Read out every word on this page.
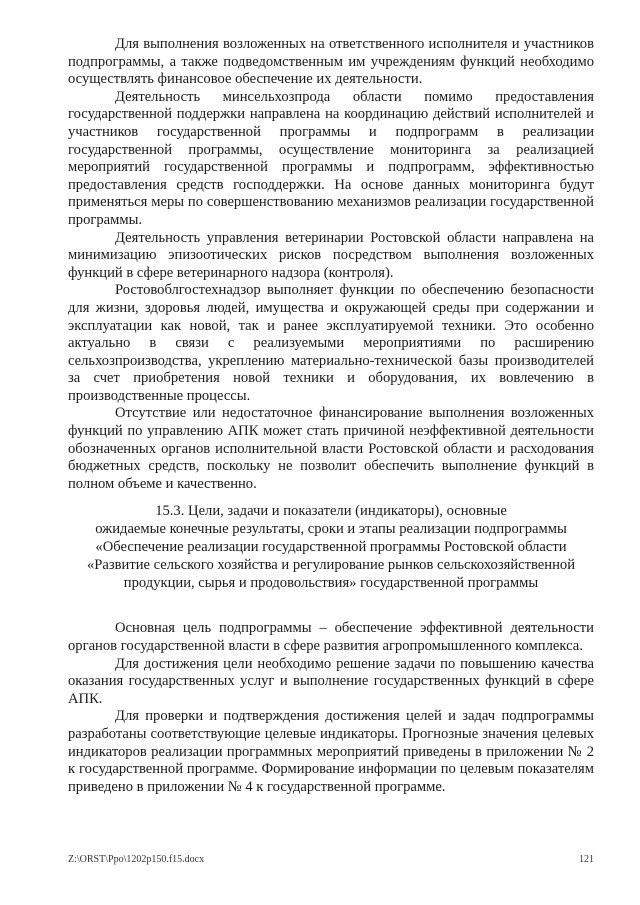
Для выполнения возложенных на ответственного исполнителя и участников подпрограммы, а также подведомственным им учреждениям функций необходимо осуществлять финансовое обеспечение их деятельности.

Деятельность минсельхозпрода области помимо предоставления государственной поддержки направлена на координацию действий исполнителей и участников государственной программы и подпрограмм в реализации государственной программы, осуществление мониторинга за реализацией мероприятий государственной программы и подпрограмм, эффективностью предоставления средств господдержки. На основе данных мониторинга будут применяться меры по совершенствованию механизмов реализации государственной программы.

Деятельность управления ветеринарии Ростовской области направлена на минимизацию эпизоотических рисков посредством выполнения возложенных функций в сфере ветеринарного надзора (контроля).

Ростовоблгостехнадзор выполняет функции по обеспечению безопасности для жизни, здоровья людей, имущества и окружающей среды при содержании и эксплуатации как новой, так и ранее эксплуатируемой техники. Это особенно актуально в связи с реализуемыми мероприятиями по расширению сельхозпроизводства, укреплению материально-технической базы производителей за счет приобретения новой техники и оборудования, их вовлечению в производственные процессы.

Отсутствие или недостаточное финансирование выполнения возложенных функций по управлению АПК может стать причиной неэффективной деятельности обозначенных органов исполнительной власти Ростовской области и расходования бюджетных средств, поскольку не позволит обеспечить выполнение функций в полном объеме и качественно.

15.3. Цели, задачи и показатели (индикаторы), основные
ожидаемые конечные результаты, сроки и этапы реализации подпрограммы
«Обеспечение реализации государственной программы Ростовской области
«Развитие сельского хозяйства и регулирование рынков сельскохозяйственной
продукции, сырья и продовольствия» государственной программы

Основная цель подпрограммы – обеспечение эффективной деятельности органов государственной власти в сфере развития агропромышленного комплекса.

Для достижения цели необходимо решение задачи по повышению качества оказания государственных услуг и выполнение государственных функций в сфере АПК.

Для проверки и подтверждения достижения целей и задач подпрограммы разработаны соответствующие целевые индикаторы. Прогнозные значения целевых индикаторов реализации программных мероприятий приведены в приложении № 2 к государственной программе. Формирование информации по целевым показателям приведено в приложении № 4 к государственной программе.

Z:\ORST\Ppo\1202p150.f15.docx	121
